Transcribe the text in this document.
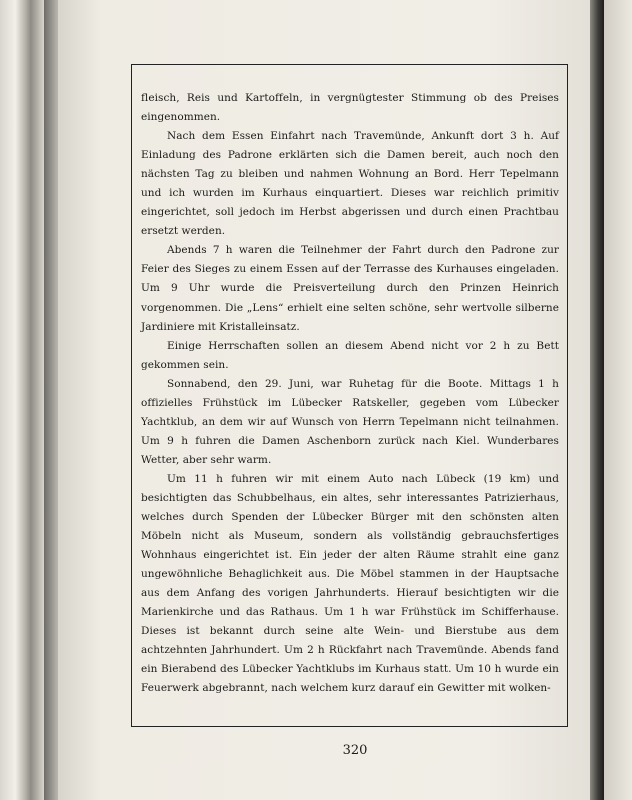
fleisch, Reis und Kartoffeln, in vergnügtester Stimmung ob des Preises eingenommen.

Nach dem Essen Einfahrt nach Travemünde, Ankunft dort 3 h. Auf Einladung des Padrone erklärten sich die Damen bereit, auch noch den nächsten Tag zu bleiben und nahmen Wohnung an Bord. Herr Tepelmann und ich wurden im Kurhaus einquartiert. Dieses war reichlich primitiv eingerichtet, soll jedoch im Herbst abgerissen und durch einen Prachtbau ersetzt werden.

Abends 7 h waren die Teilnehmer der Fahrt durch den Padrone zur Feier des Sieges zu einem Essen auf der Terrasse des Kurhauses eingeladen. Um 9 Uhr wurde die Preisverteilung durch den Prinzen Heinrich vorgenommen. Die „Lens“ erhielt eine selten schöne, sehr wertvolle silberne Jardiniere mit Kristalleinsatz.

Einige Herrschaften sollen an diesem Abend nicht vor 2 h zu Bett gekommen sein.

Sonnabend, den 29. Juni, war Ruhetag für die Boote. Mittags 1 h offizielles Frühstück im Lübecker Ratskeller, gegeben vom Lübecker Yachtklub, an dem wir auf Wunsch von Herrn Tepelmann nicht teilnahmen. Um 9 h fuhren die Damen Aschenborn zurück nach Kiel. Wunderbares Wetter, aber sehr warm.

Um 11 h fuhren wir mit einem Auto nach Lübeck (19 km) und besichtigten das Schubbelhaus, ein altes, sehr interessantes Patrizierhaus, welches durch Spenden der Lübecker Bürger mit den schönsten alten Möbeln nicht als Museum, sondern als vollständig gebrauchsfertiges Wohnhaus eingerichtet ist. Ein jeder der alten Räume strahlt eine ganz ungewöhnliche Behaglichkeit aus. Die Möbel stammen in der Hauptsache aus dem Anfang des vorigen Jahrhunderts. Hierauf besichtigten wir die Marienkirche und das Rathaus. Um 1 h war Frühstück im Schifferhause. Dieses ist bekannt durch seine alte Wein- und Bierstube aus dem achtzehnten Jahrhundert. Um 2 h Rückfahrt nach Travemünde. Abends fand ein Bierabend des Lübecker Yachtklubs im Kurhaus statt. Um 10 h wurde ein Feuerwerk abgebrannt, nach welchem kurz darauf ein Gewitter mit wolken-

320
